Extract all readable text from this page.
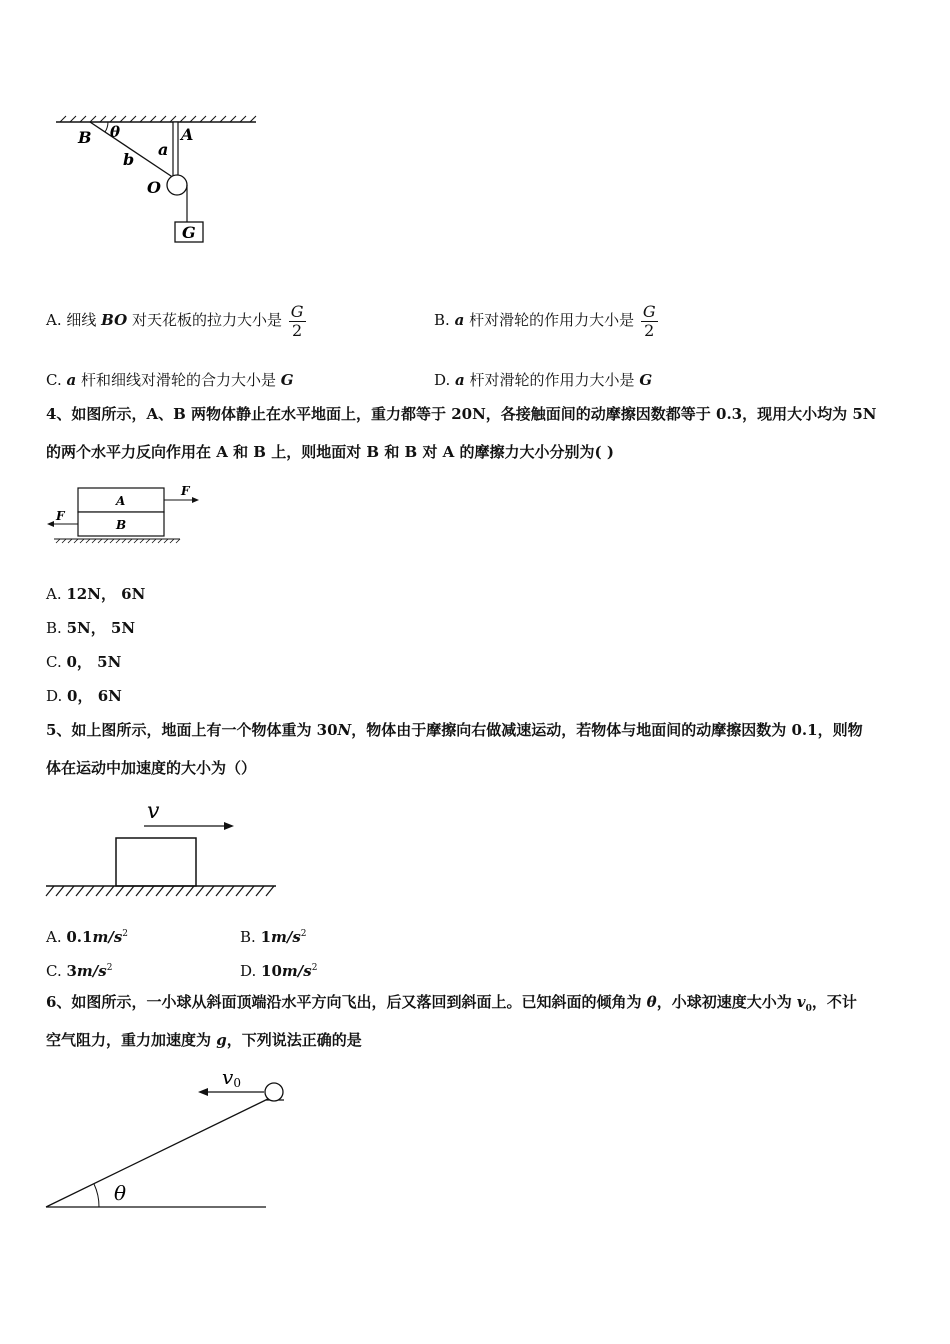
B θ	A
a
b
O
G
A. 细线 BO 对天花板的拉力大小是 $\frac{G}{2}$	B. a 杆对滑轮的作用力大小是 $\frac{G}{2}$
C. a 杆和细线对滑轮的合力大小是 G	D. a 杆对滑轮的作用力大小是 G
4、如图所示，A、B 两物体静止在水平地面上，重力都等于 20N，各接触面间的动摩擦因数都等于 0.3，现用大小均为 5N
的两个水平力反向作用在 A 和 B 上，则地面对 B 和 B 对 A 的摩擦力大小分别为( )
A
B
F
F
A. 12N， 6N
B. 5N， 5N
C. 0， 5N
D. 0， 6N
5、如上图所示，地面上有一个物体重为 30N，物体由于摩擦向右做减速运动，若物体与地面间的动摩擦因数为 0.1，则物
体在运动中加速度的大小为（）
v
A. $0.1m/s^2$	B. $1m/s^2$
C. $3m/s^2$	D. $10m/s^2$
6、如图所示，一小球从斜面顶端沿水平方向飞出，后又落回到斜面上。已知斜面的倾角为 θ，小球初速度大小为 $v_0$，不计
空气阻力，重力加速度为 g，下列说法正确的是
v0
θ
